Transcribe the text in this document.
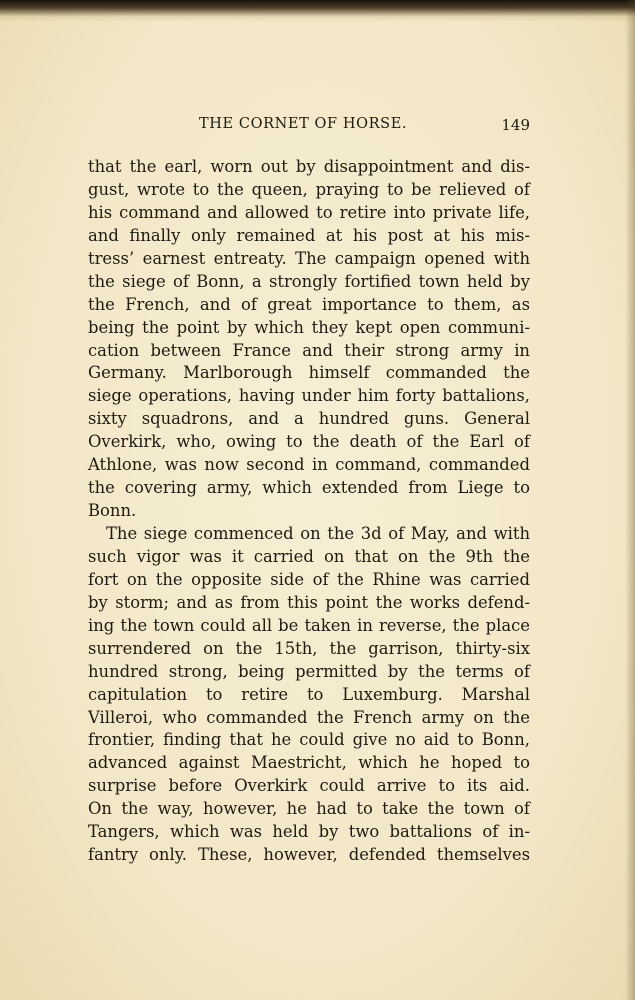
THE CORNET OF HORSE.	149
that the earl, worn out by disappointment and dis-
gust, wrote to the queen, praying to be relieved of
his command and allowed to retire into private life,
and finally only remained at his post at his mis-
tress’ earnest entreaty. The campaign opened with
the siege of Bonn, a strongly fortified town held by
the French, and of great importance to them, as
being the point by which they kept open communi-
cation between France and their strong army in
Germany. Marlborough himself commanded the
siege operations, having under him forty battalions,
sixty squadrons, and a hundred guns. General
Overkirk, who, owing to the death of the Earl of
Athlone, was now second in command, commanded
the covering army, which extended from Liege to
Bonn.
The siege commenced on the 3d of May, and with
such vigor was it carried on that on the 9th the
fort on the opposite side of the Rhine was carried
by storm; and as from this point the works defend-
ing the town could all be taken in reverse, the place
surrendered on the 15th, the garrison, thirty-six
hundred strong, being permitted by the terms of
capitulation to retire to Luxemburg. Marshal
Villeroi, who commanded the French army on the
frontier, finding that he could give no aid to Bonn,
advanced against Maestricht, which he hoped to
surprise before Overkirk could arrive to its aid.
On the way, however, he had to take the town of
Tangers, which was held by two battalions of in-
fantry only. These, however, defended themselves
